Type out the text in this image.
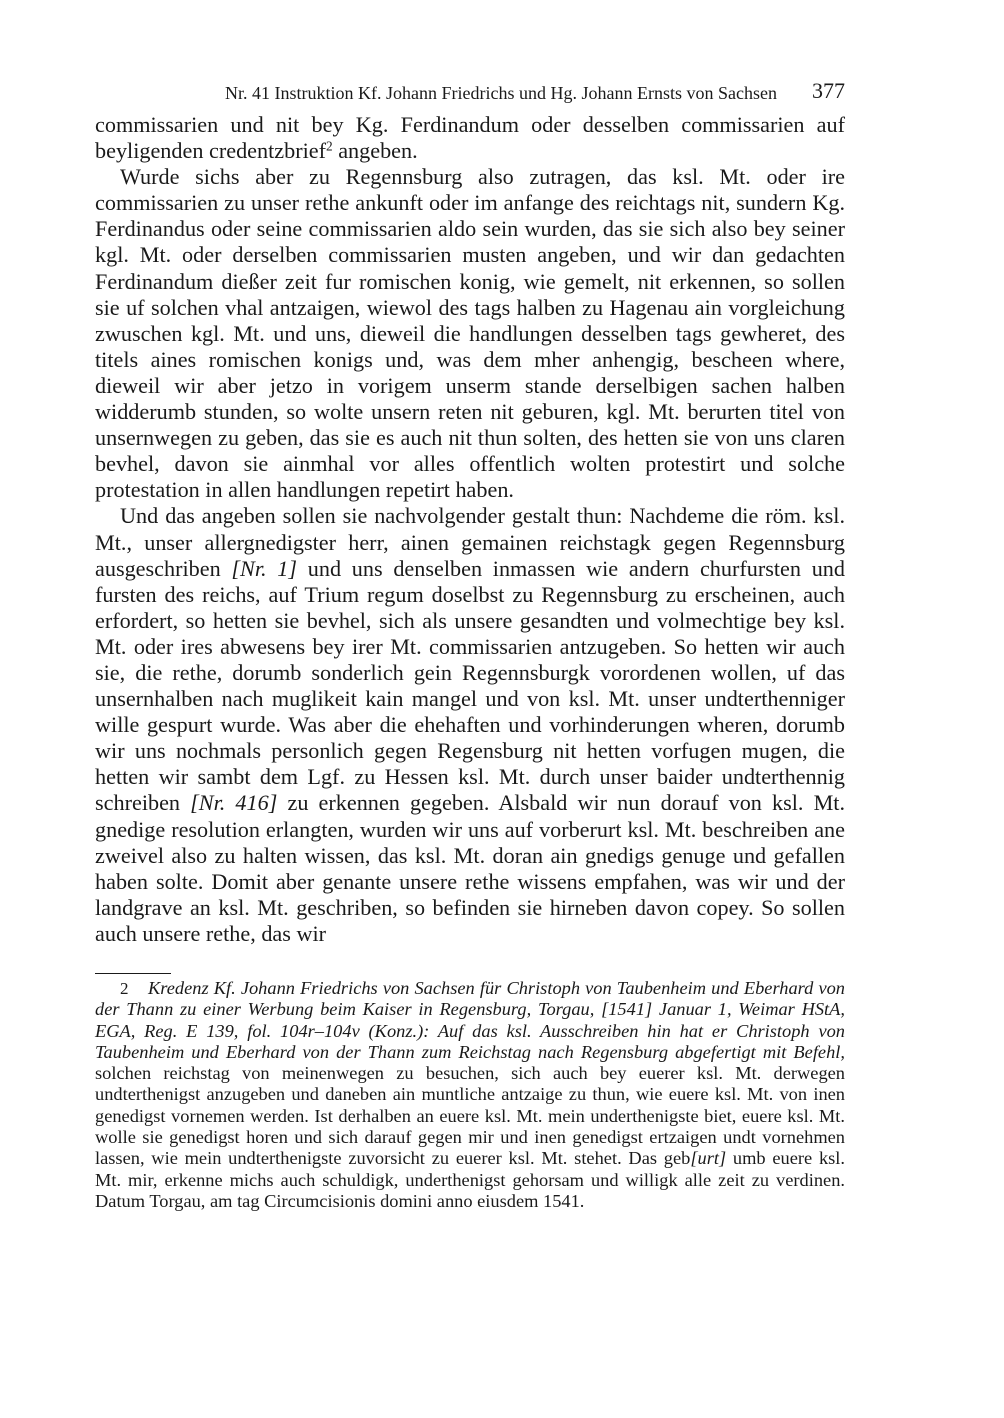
Nr. 41 Instruktion Kf. Johann Friedrichs und Hg. Johann Ernsts von Sachsen 377

commissarien und nit bey Kg. Ferdinandum oder desselben commissarien auf beyligenden credentzbrief$^2$ angeben.

Wurde sichs aber zu Regennsburg also zutragen, das ksl. Mt. oder ire commissarien zu unser rethe ankunft oder im anfange des reichtags nit, sundern Kg. Ferdinandus oder seine commissarien aldo sein wurden, das sie sich also bey seiner kgl. Mt. oder derselben commissarien musten angeben, und wir dan gedachten Ferdinandum dießer zeit fur romischen konig, wie gemelt, nit erkennen, so sollen sie uf solchen vhal antzaigen, wiewol des tags halben zu Hagenau ain vorgleichung zwuschen kgl. Mt. und uns, dieweil die handlungen desselben tags gewheret, des titels aines romischen konigs und, was dem mher anhengig, bescheen where, dieweil wir aber jetzo in vorigem unserm stande derselbigen sachen halben widderumb stunden, so wolte unsern reten nit geburen, kgl. Mt. berurten titel von unsernwegen zu geben, das sie es auch nit thun solten, des hetten sie von uns claren bevhel, davon sie ainmhal vor alles offentlich wolten protestirt und solche protestation in allen handlungen repetirt haben.

Und das angeben sollen sie nachvolgender gestalt thun: Nachdeme die röm. ksl. Mt., unser allergnedigster herr, ainen gemainen reichstagk gegen Regennsburg ausgeschriben [Nr. 1] und uns denselben inmassen wie andern churfursten und fursten des reichs, auf Trium regum doselbst zu Regennsburg zu erscheinen, auch erfordert, so hetten sie bevhel, sich als unsere gesandten und volmechtige bey ksl. Mt. oder ires abwesens bey irer Mt. commissarien antzugeben. So hetten wir auch sie, die rethe, dorumb sonderlich gein Regennsburgk vorordenen wollen, uf das unsernhalben nach muglikeit kain mangel und von ksl. Mt. unser undterthenniger wille gespurt wurde. Was aber die ehehaften und vorhinderungen wheren, dorumb wir uns nochmals personlich gegen Regensburg nit hetten vorfugen mugen, die hetten wir sambt dem Lgf. zu Hessen ksl. Mt. durch unser baider undterthennig schreiben [Nr. 416] zu erkennen gegeben. Alsbald wir nun dorauf von ksl. Mt. gnedige resolution erlangten, wurden wir uns auf vorberurt ksl. Mt. beschreiben ane zweivel also zu halten wissen, das ksl. Mt. doran ain gnedigs genuge und gefallen haben solte. Domit aber genante unsere rethe wissens empfahen, was wir und der landgrave an ksl. Mt. geschriben, so befinden sie hirneben davon copey. So sollen auch unsere rethe, das wir

2 Kredenz Kf. Johann Friedrichs von Sachsen für Christoph von Taubenheim und Eberhard von der Thann zu einer Werbung beim Kaiser in Regensburg, Torgau, [1541] Januar 1, Weimar HStA, EGA, Reg. E 139, fol. 104r–104v (Konz.): Auf das ksl. Ausschreiben hin hat er Christoph von Taubenheim und Eberhard von der Thann zum Reichstag nach Regensburg abgefertigt mit Befehl, solchen reichstag von meinenwegen zu besuchen, sich auch bey euerer ksl. Mt. derwegen undterthenigst anzugeben und daneben ain muntliche antzaige zu thun, wie euere ksl. Mt. von inen genedigst vornemen werden. Ist derhalben an euere ksl. Mt. mein underthenigste biet, euere ksl. Mt. wolle sie genedigst horen und sich darauf gegen mir und inen genedigst ertzaigen undt vornehmen lassen, wie mein undterthenigste zuvorsicht zu euerer ksl. Mt. stehet. Das geb[urt] umb euere ksl. Mt. mir, erkenne michs auch schuldigk, underthenigst gehorsam und willigk alle zeit zu verdinen. Datum Torgau, am tag Circumcisionis domini anno eiusdem 1541.
